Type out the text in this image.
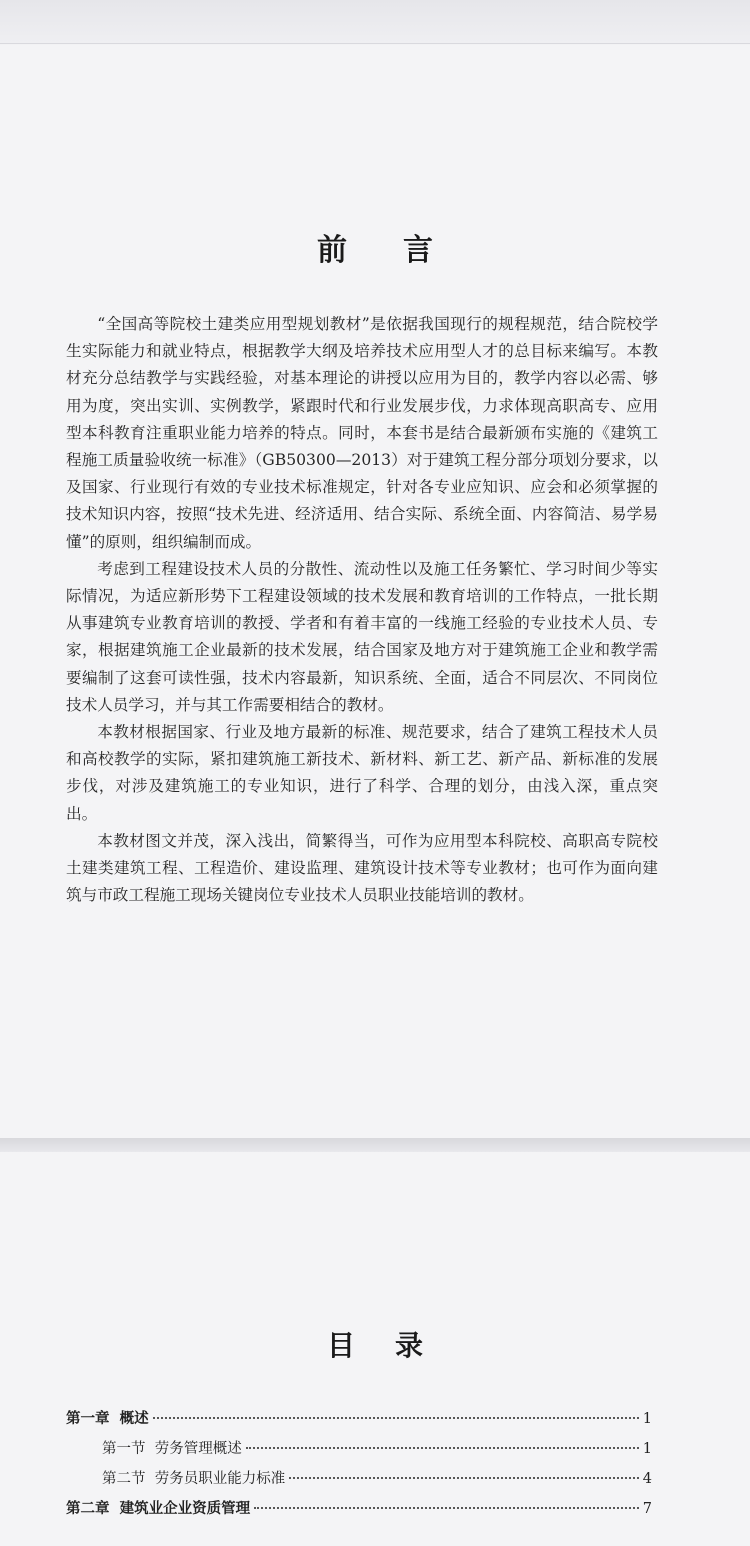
前言

“全国高等院校土建类应用型规划教材”是依据我国现行的规程规范，结合院校学生实际能力和就业特点，根据教学大纲及培养技术应用型人才的总目标来编写。本教材充分总结教学与实践经验，对基本理论的讲授以应用为目的，教学内容以必需、够用为度，突出实训、实例教学，紧跟时代和行业发展步伐，力求体现高职高专、应用型本科教育注重职业能力培养的特点。同时，本套书是结合最新颁布实施的《建筑工程施工质量验收统一标准》（GB50300—2013）对于建筑工程分部分项划分要求，以及国家、行业现行有效的专业技术标准规定，针对各专业应知识、应会和必须掌握的技术知识内容，按照“技术先进、经济适用、结合实际、系统全面、内容简洁、易学易懂”的原则，组织编制而成。

考虑到工程建设技术人员的分散性、流动性以及施工任务繁忙、学习时间少等实际情况，为适应新形势下工程建设领域的技术发展和教育培训的工作特点，一批长期从事建筑专业教育培训的教授、学者和有着丰富的一线施工经验的专业技术人员、专家，根据建筑施工企业最新的技术发展，结合国家及地方对于建筑施工企业和教学需要编制了这套可读性强，技术内容最新，知识系统、全面，适合不同层次、不同岗位技术人员学习，并与其工作需要相结合的教材。

本教材根据国家、行业及地方最新的标准、规范要求，结合了建筑工程技术人员和高校教学的实际，紧扣建筑施工新技术、新材料、新工艺、新产品、新标准的发展步伐，对涉及建筑施工的专业知识，进行了科学、合理的划分，由浅入深，重点突出。

本教材图文并茂，深入浅出，简繁得当，可作为应用型本科院校、高职高专院校土建类建筑工程、工程造价、建设监理、建筑设计技术等专业教材；也可作为面向建筑与市政工程施工现场关键岗位专业技术人员职业技能培训的教材。

目录
第一章 概述	1
第一节 劳务管理概述	1
第二节 劳务员职业能力标准	4
第二章 建筑业企业资质管理	7
